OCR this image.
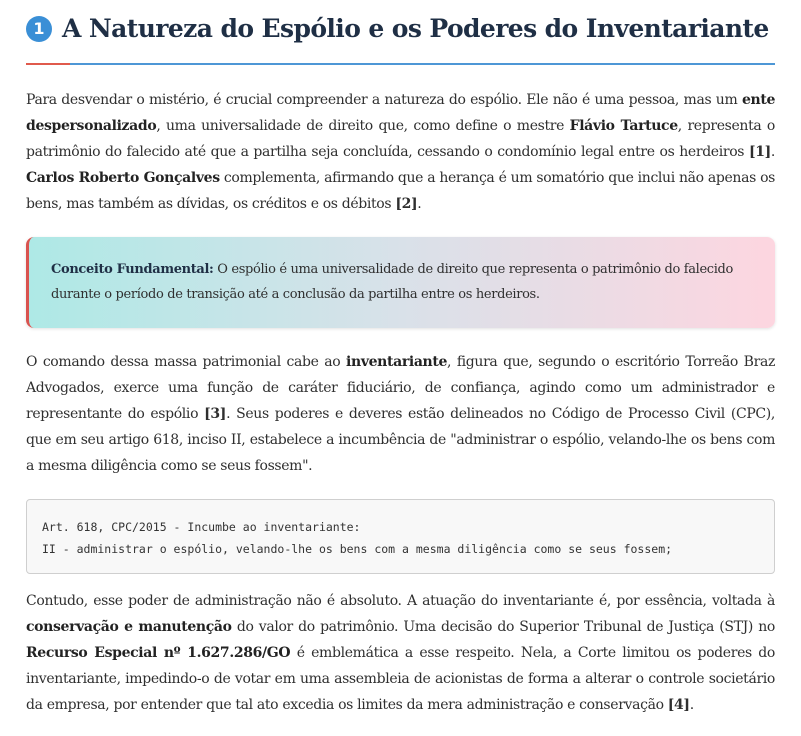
1 A Natureza do Espólio e os Poderes do Inventariante

Para desvendar o mistério, é crucial compreender a natureza do espólio. Ele não é uma pessoa, mas um ente despersonalizado, uma universalidade de direito que, como define o mestre Flávio Tartuce, representa o patrimônio do falecido até que a partilha seja concluída, cessando o condomínio legal entre os herdeiros [1]. Carlos Roberto Gonçalves complementa, afirmando que a herança é um somatório que inclui não apenas os bens, mas também as dívidas, os créditos e os débitos [2].

Conceito Fundamental: O espólio é uma universalidade de direito que representa o patrimônio do falecido durante o período de transição até a conclusão da partilha entre os herdeiros.

O comando dessa massa patrimonial cabe ao inventariante, figura que, segundo o escritório Torreão Braz Advogados, exerce uma função de caráter fiduciário, de confiança, agindo como um administrador e representante do espólio [3]. Seus poderes e deveres estão delineados no Código de Processo Civil (CPC), que em seu artigo 618, inciso II, estabelece a incumbência de "administrar o espólio, velando-lhe os bens com a mesma diligência como se seus fossem".

Art. 618, CPC/2015 - Incumbe ao inventariante:
II - administrar o espólio, velando-lhe os bens com a mesma diligência como se seus fossem;

Contudo, esse poder de administração não é absoluto. A atuação do inventariante é, por essência, voltada à conservação e manutenção do valor do patrimônio. Uma decisão do Superior Tribunal de Justiça (STJ) no Recurso Especial nº 1.627.286/GO é emblemática a esse respeito. Nela, a Corte limitou os poderes do inventariante, impedindo-o de votar em uma assembleia de acionistas de forma a alterar o controle societário da empresa, por entender que tal ato excedia os limites da mera administração e conservação [4].
